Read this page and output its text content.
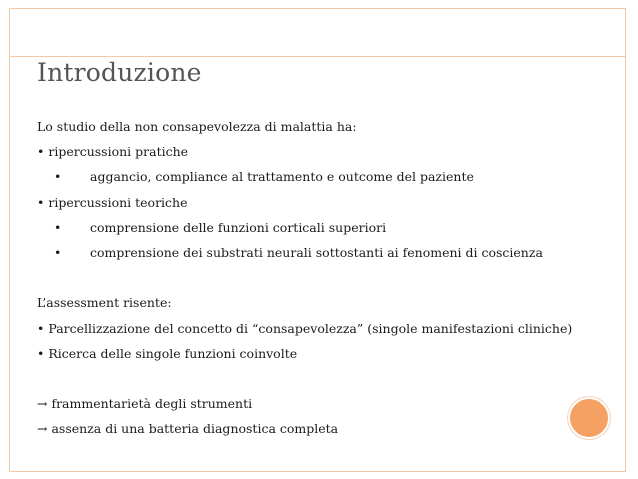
Introduzione
Lo studio della non consapevolezza di malattia ha:
• ripercussioni pratiche
•	aggancio, compliance al trattamento e outcome del paziente
• ripercussioni teoriche
•	comprensione delle funzioni corticali superiori
•	comprensione dei substrati neurali sottostanti ai fenomeni di coscienza
L’assessment risente:
• Parcellizzazione del concetto di “consapevolezza” (singole manifestazioni cliniche)
• Ricerca delle singole funzioni coinvolte
→ frammentarietà degli strumenti
→ assenza di una batteria diagnostica completa
